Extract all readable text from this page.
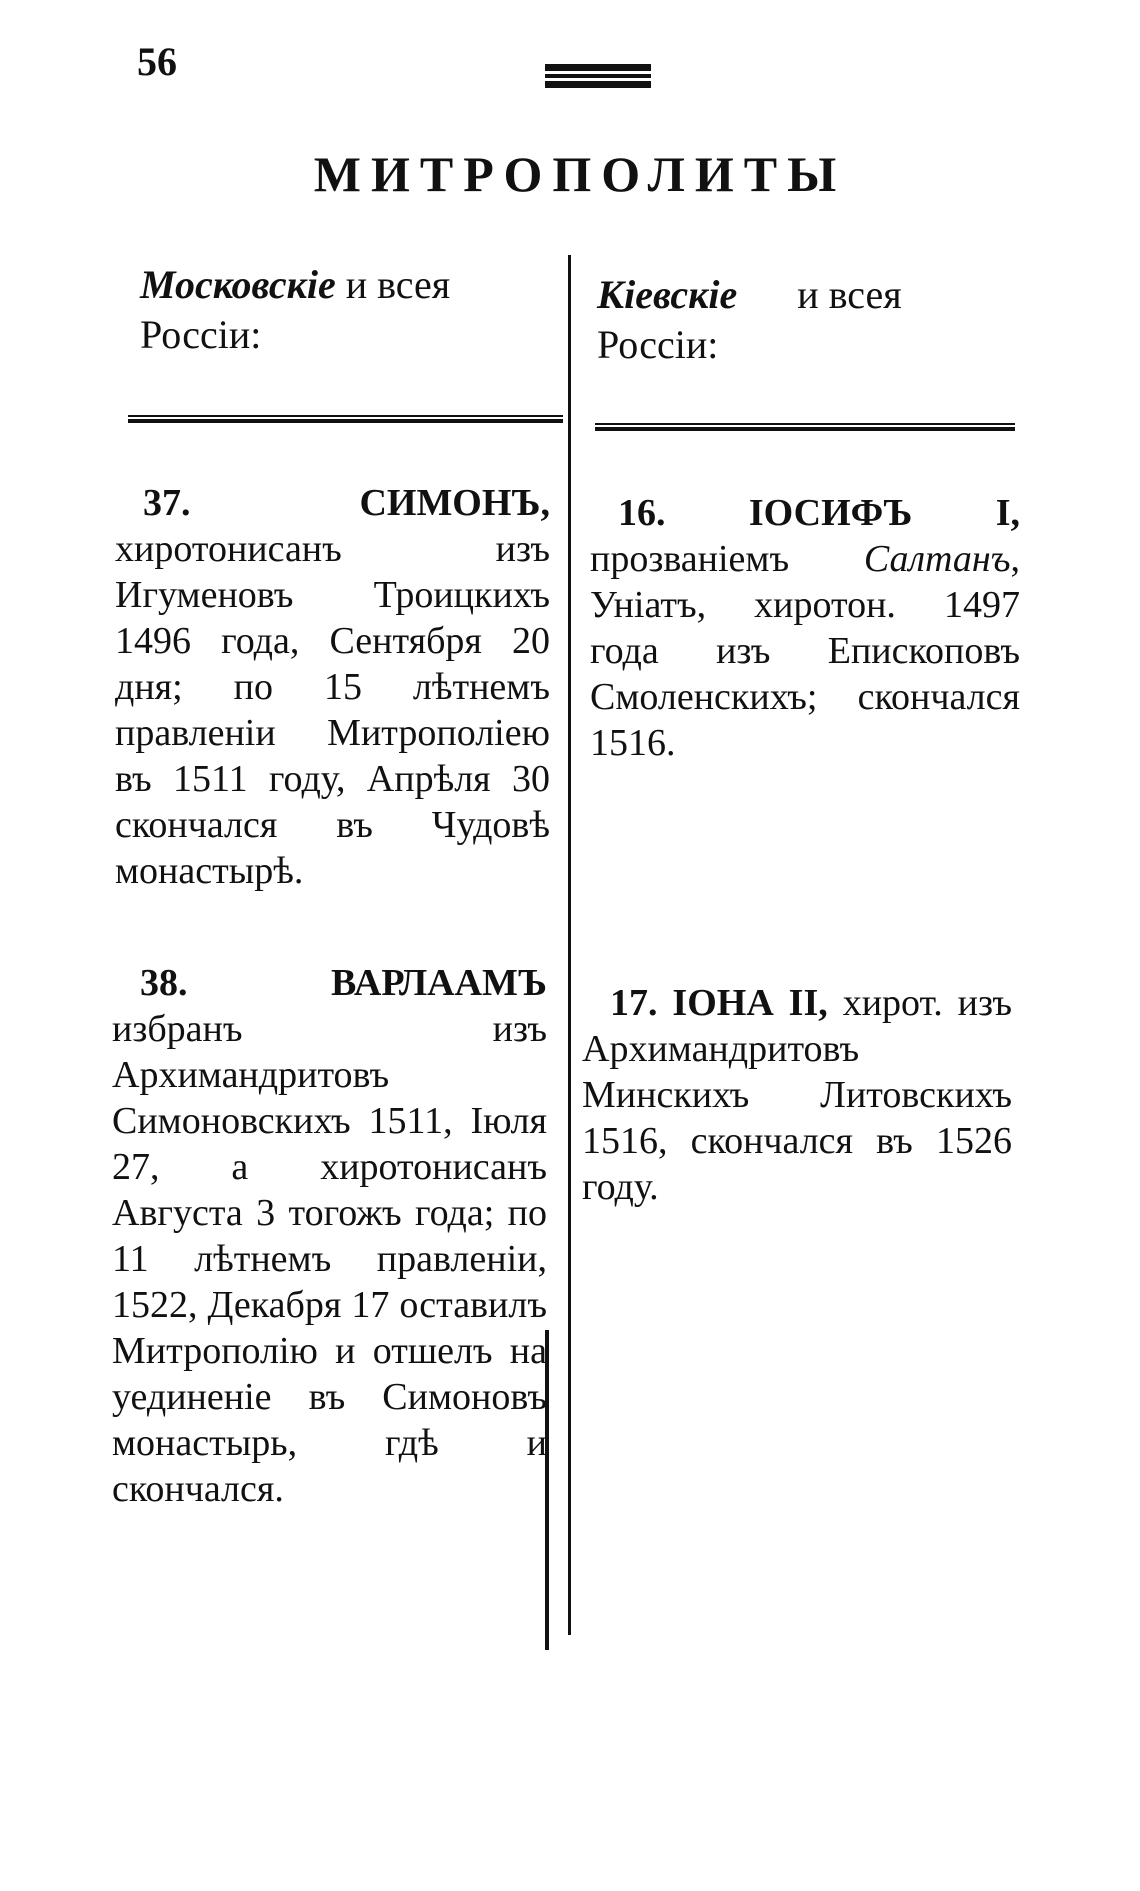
56
МИТРОПОЛИТЫ
Московскiе и всея Россiи:
Кiевскiе и всея Россiи:
37.	СИМОНЪ, хиротонисанъ изъ Игуменовъ Троицкихъ 1496 года, Сентября 20 дня; по 15 лѣтнемъ правленiи Митрополiею въ 1511 году, Апрѣля 30 скончался въ Чудовѣ монастырѣ.
16. IОСИФЪ I, прозванiемъ Салтанъ, Унiатъ, хиротон. 1497 года изъ Епископовъ Смоленскихъ; скончался 1516.
38.	ВАРЛААМЪ избранъ изъ Архимандритовъ Симоновскихъ 1511, Iюля 27, а хиротонисанъ Августа 3 тогожъ года; по 11 лѣтнемъ правленiи, 1522, Декабря 17 оставилъ Митрополiю и отшелъ на уединенiе въ Симоновъ монастырь, гдѣ и скончался.
17. IОНА II, хирот. изъ Архимандритовъ Минскихъ Литовскихъ 1516, скончался въ 1526 году.
